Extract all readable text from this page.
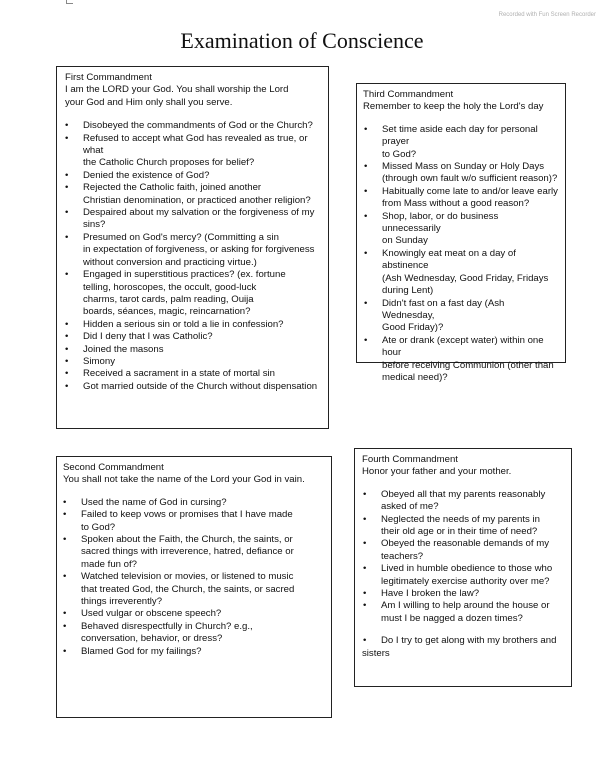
Recorded with Fun Screen Recorder
Examination of Conscience
First Commandment
I am the LORD your God. You shall worship the Lord
your God and Him only shall you serve.
• Disobeyed the commandments of God or the Church?
• Refused to accept what God has revealed as true, or what
the Catholic Church proposes for belief?
• Denied the existence of God?
• Rejected the Catholic faith, joined another
Christian denomination, or practiced another religion?
• Despaired about my salvation or the forgiveness of my
sins?
• Presumed on God's mercy? (Committing a sin
in expectation of forgiveness, or asking for forgiveness
without conversion and practicing virtue.)
• Engaged in superstitious practices? (ex. fortune
telling, horoscopes, the occult, good-luck
charms, tarot cards, palm reading, Ouija
boards, séances, magic, reincarnation?
• Hidden a serious sin or told a lie in confession?
• Did I deny that I was Catholic?
• Joined the masons
• Simony
• Received a sacrament in a state of mortal sin
• Got married outside of the Church without dispensation
Second Commandment
You shall not take the name of the Lord your God in vain.
• Used the name of God in cursing?
• Failed to keep vows or promises that I have made
to God?
• Spoken about the Faith, the Church, the saints, or
sacred things with irreverence, hatred, defiance or
made fun of?
• Watched television or movies, or listened to music
that treated God, the Church, the saints, or sacred
things irreverently?
• Used vulgar or obscene speech?
• Behaved disrespectfully in Church? e.g.,
conversation, behavior, or dress?
• Blamed God for my failings?
Third Commandment
Remember to keep the holy the Lord's day
• Set time aside each day for personal prayer
to God?
• Missed Mass on Sunday or Holy Days
(through own fault w/o sufficient reason)?
• Habitually come late to and/or leave early
from Mass without a good reason?
• Shop, labor, or do business unnecessarily
on Sunday
• Knowingly eat meat on a day of abstinence
(Ash Wednesday, Good Friday, Fridays
during Lent)
• Didn't fast on a fast day (Ash Wednesday,
Good Friday)?
• Ate or drank (except water) within one hour
before receiving Communion (other than
medical need)?
Fourth Commandment
Honor your father and your mother.
• Obeyed all that my parents reasonably
asked of me?
• Neglected the needs of my parents in
their old age or in their time of need?
• Obeyed the reasonable demands of my
teachers?
• Lived in humble obedience to those who
legitimately exercise authority over me?
• Have I broken the law?
• Am I willing to help around the house or
must I be nagged a dozen times?
• Do I try to get along with my brothers and
sisters
